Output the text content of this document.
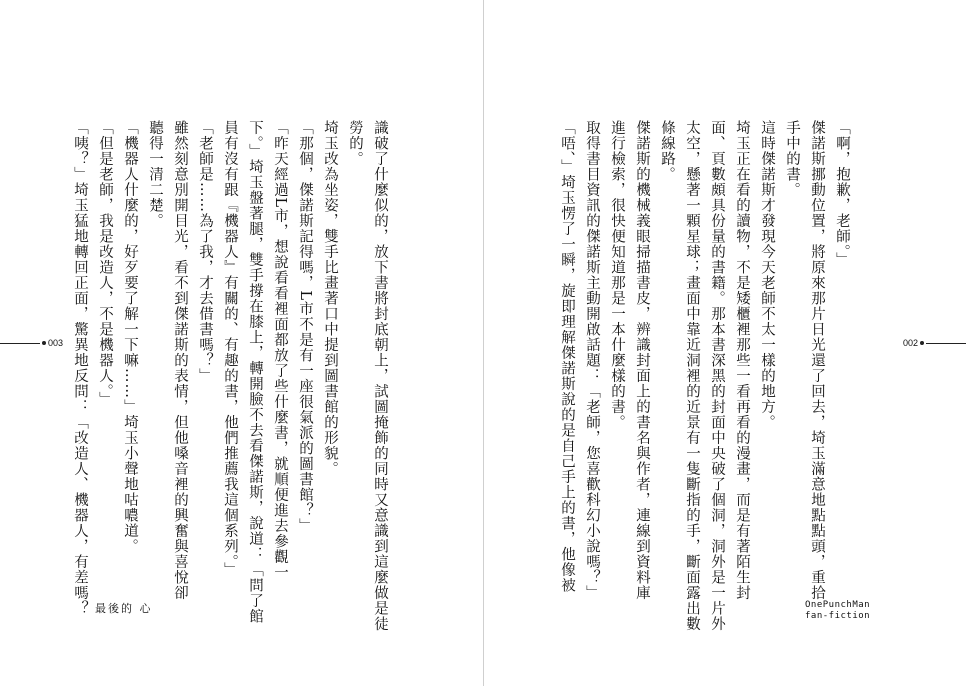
識破了什麼似的，放下書將封底朝上，試圖掩飾的同時又意識到這麼做是徒
勞的。
埼玉改為坐姿，雙手比畫著口中提到圖書館的形貌。
「那個，傑諾斯記得嗎，L市不是有一座很氣派的圖書館？」
「昨天經過L市，想說看看裡面都放了些什麼書，就順便進去參觀一
下。」埼玉盤著腿，雙手撐在膝上，轉開臉不去看傑諾斯，說道：「問了館
員有沒有跟『機器人』有關的、有趣的書，他們推薦我這個系列。」
「老師是……為了我，才去借書嗎？」
雖然刻意別開目光，看不到傑諾斯的表情，但他嗓音裡的興奮與喜悅卻
聽得一清二楚。
「機器人什麼的，好歹要了解一下嘛……」埼玉小聲地咕噥道。
「但是老師，我是改造人，不是機器人。」
「咦？」埼玉猛地轉回正面，驚異地反問：「改造人、機器人，有差嗎？
003
最後的 心
「啊，抱歉，老師。」
傑諾斯挪動位置，將原來那片日光還了回去，埼玉滿意地點點頭，重拾
手中的書。
這時傑諾斯才發現今天老師不太一樣的地方。
埼玉正在看的讀物，不是矮櫃裡那些一看再看的漫畫，而是有著陌生封
面、頁數頗具份量的書籍。那本書深黑的封面中央破了個洞，洞外是一片外
太空，懸著一顆星球；畫面中靠近洞裡的近景有一隻斷指的手，斷面露出數
條線路。
傑諾斯的機械義眼掃描書皮，辨識封面上的書名與作者，連線到資料庫
進行檢索，很快便知道那是一本什麼樣的書。
取得書目資訊的傑諾斯主動開啟話題：「老師，您喜歡科幻小說嗎？」
「唔、」埼玉愣了一瞬，旋即理解傑諾斯說的是自己手上的書，他像被	002
OnePunchMan
fan-fiction
